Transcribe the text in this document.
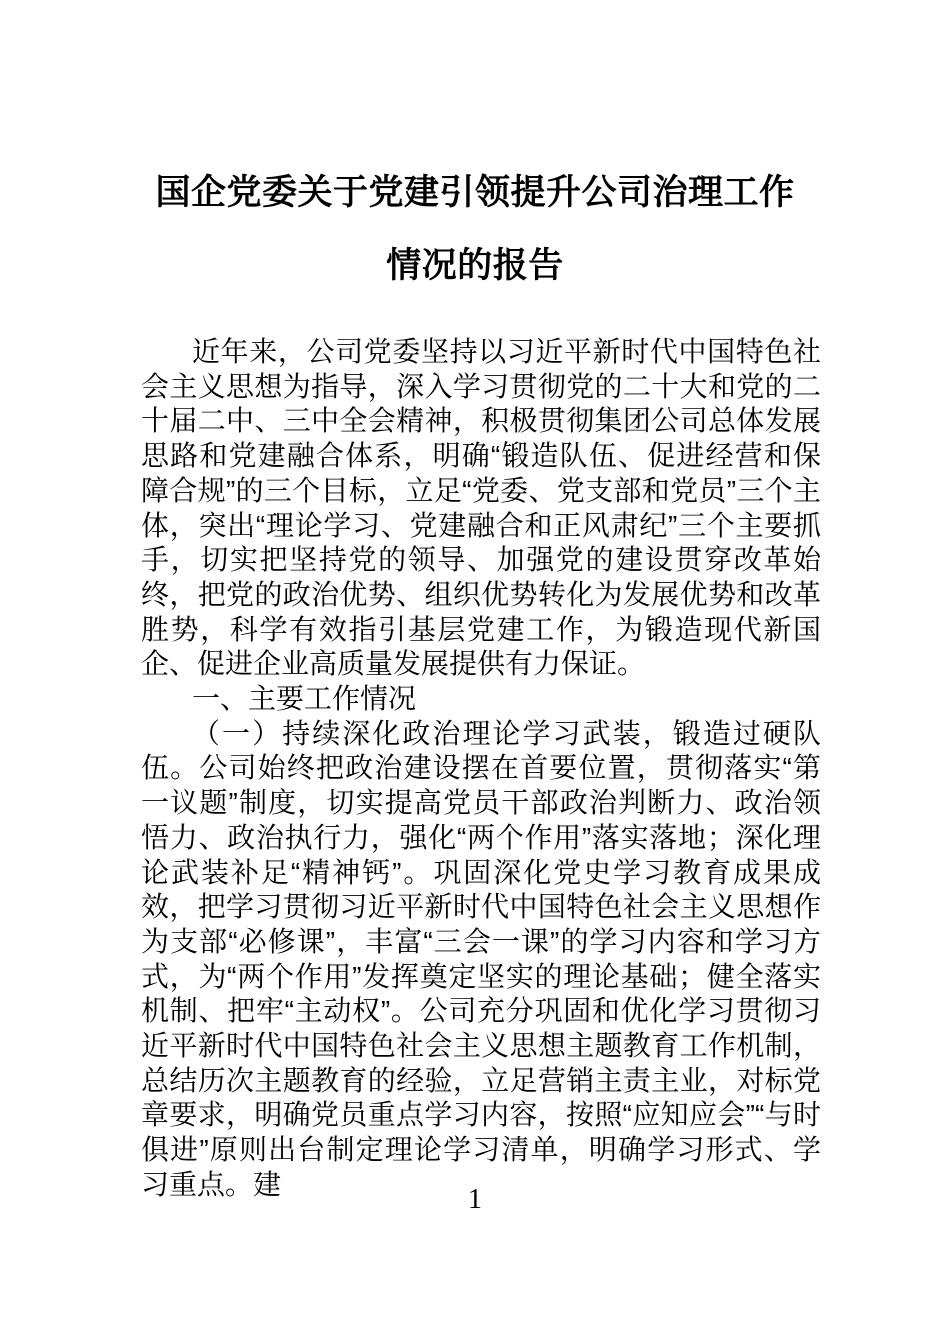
国企党委关于党建引领提升公司治理工作
情况的报告

近年来，公司党委坚持以习近平新时代中国特色社会主义思想为指导，深入学习贯彻党的二十大和党的二十届二中、三中全会精神，积极贯彻集团公司总体发展思路和党建融合体系，明确“锻造队伍、促进经营和保障合规”的三个目标，立足“党委、党支部和党员”三个主体，突出“理论学习、党建融合和正风肃纪”三个主要抓手，切实把坚持党的领导、加强党的建设贯穿改革始终，把党的政治优势、组织优势转化为发展优势和改革胜势，科学有效指引基层党建工作，为锻造现代新国企、促进企业高质量发展提供有力保证。

一、主要工作情况

（一）持续深化政治理论学习武装，锻造过硬队伍。公司始终把政治建设摆在首要位置，贯彻落实“第一议题”制度，切实提高党员干部政治判断力、政治领悟力、政治执行力，强化“两个作用”落实落地；深化理论武装补足“精神钙”。巩固深化党史学习教育成果成效，把学习贯彻习近平新时代中国特色社会主义思想作为支部“必修课”，丰富“三会一课”的学习内容和学习方式，为“两个作用”发挥奠定坚实的理论基础；健全落实机制、把牢“主动权”。公司充分巩固和优化学习贯彻习近平新时代中国特色社会主义思想主题教育工作机制，总结历次主题教育的经验，立足营销主责主业，对标党章要求，明确党员重点学习内容，按照“应知应会”“与时俱进”原则出台制定理论学习清单，明确学习形式、学习重点。建	1
